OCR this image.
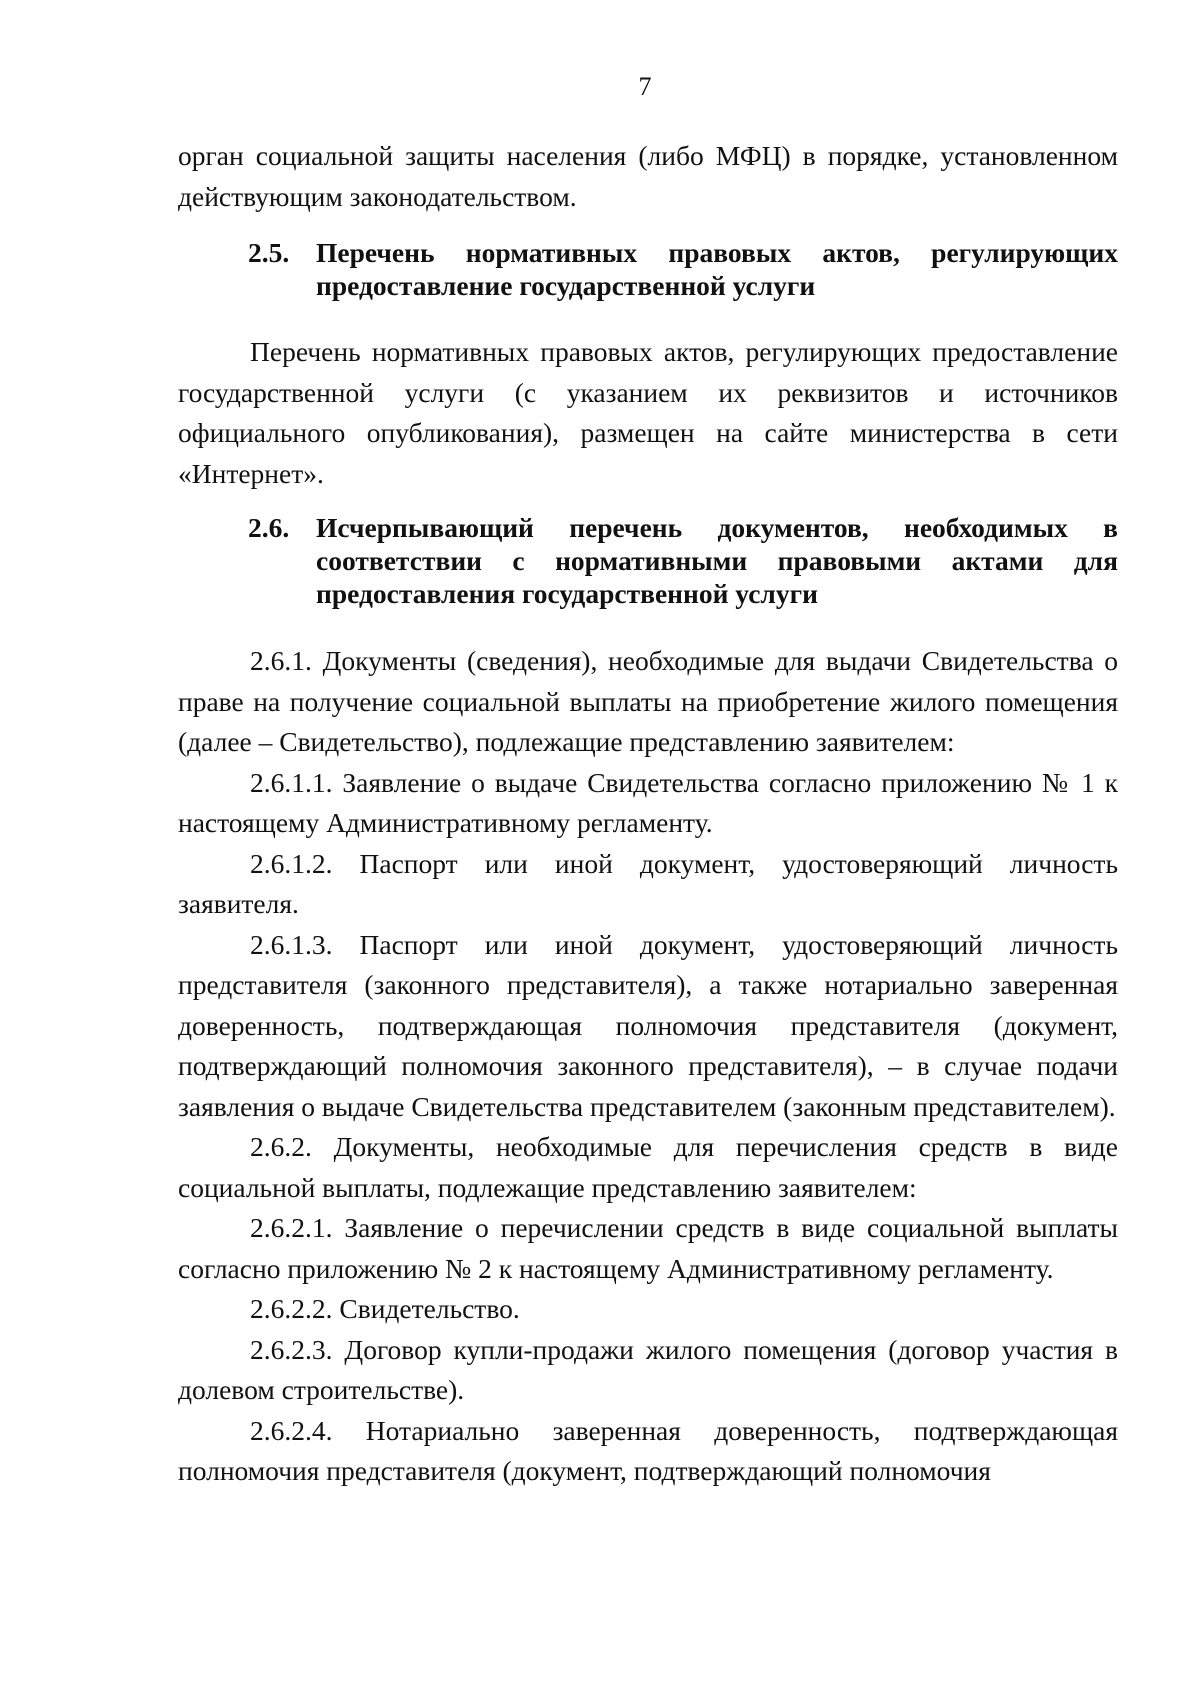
7

орган социальной защиты населения (либо МФЦ) в порядке, установленном действующим законодательством.

2.5. Перечень нормативных правовых актов, регулирующих предоставление государственной услуги

Перечень нормативных правовых актов, регулирующих предоставление государственной услуги (с указанием их реквизитов и источников официального опубликования), размещен на сайте министерства в сети «Интернет».

2.6. Исчерпывающий перечень документов, необходимых в соответствии с нормативными правовыми актами для предоставления государственной услуги

2.6.1. Документы (сведения), необходимые для выдачи Свидетельства о праве на получение социальной выплаты на приобретение жилого помещения (далее – Свидетельство), подлежащие представлению заявителем:

2.6.1.1. Заявление о выдаче Свидетельства согласно приложению № 1 к настоящему Административному регламенту.

2.6.1.2. Паспорт или иной документ, удостоверяющий личность заявителя.

2.6.1.3. Паспорт или иной документ, удостоверяющий личность представителя (законного представителя), а также нотариально заверенная доверенность, подтверждающая полномочия представителя (документ, подтверждающий полномочия законного представителя), – в случае подачи заявления о выдаче Свидетельства представителем (законным представителем).

2.6.2. Документы, необходимые для перечисления средств в виде социальной выплаты, подлежащие представлению заявителем:

2.6.2.1. Заявление о перечислении средств в виде социальной выплаты согласно приложению № 2 к настоящему Административному регламенту.

2.6.2.2. Свидетельство.

2.6.2.3. Договор купли-продажи жилого помещения (договор участия в долевом строительстве).

2.6.2.4. Нотариально заверенная доверенность, подтверждающая полномочия представителя (документ, подтверждающий полномочия
